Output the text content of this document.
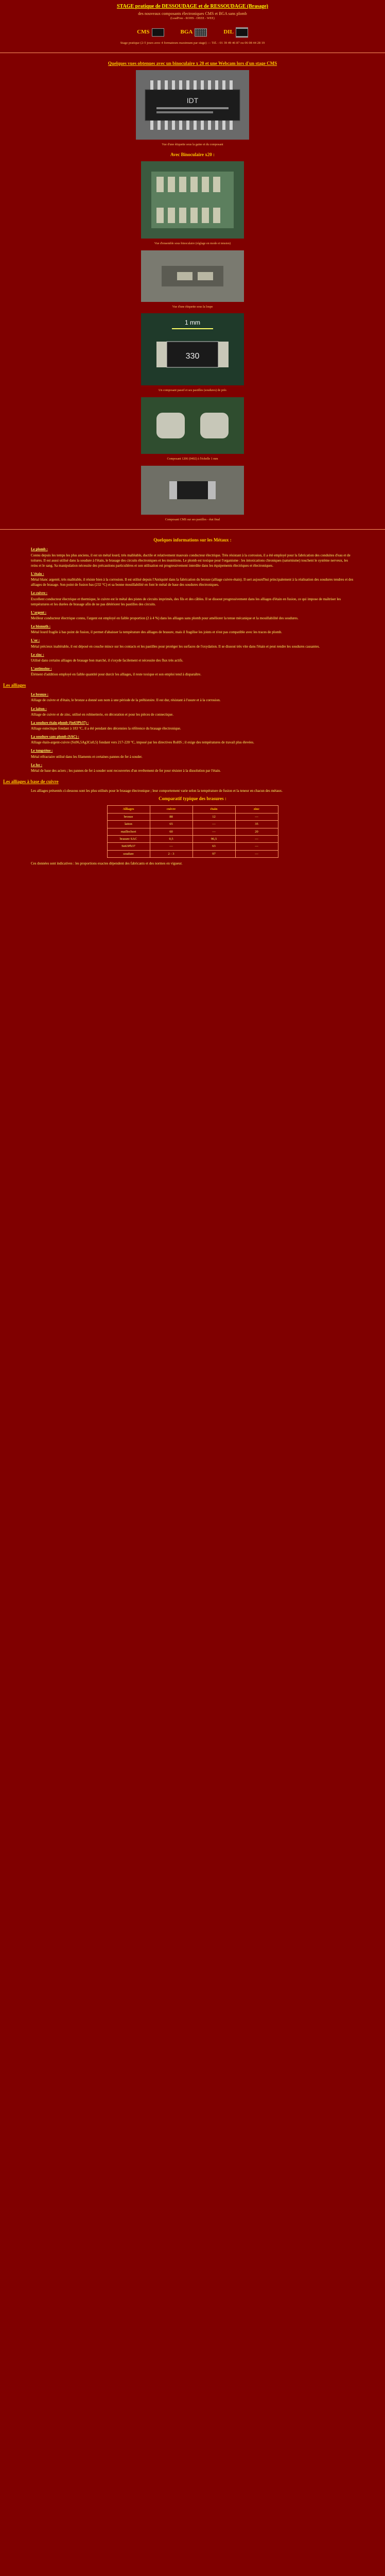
STAGE pratique de DESSOUDAGE et de RESSOUDAGE (Brasage)
des nouveaux composants électroniques CMS et BGA sans plomb
(LeadFree - ROHS - DEEE - WEE)
CMS	BGA	DIL
Stage pratique (2-5 jours avec 4 formateurs maximum par stage) — Tél. : 01 39 49 46 87 ou 06 08 44 28 19
Quelques vues obtenues avec un binoculaire x 20 et une Webcam lors d'un stage CMS
IDT
Vue d'une étiquette sous la gaine et du composant
Avec Binoculaire x20 :
Vue d'ensemble sous binoculaire (réglage en mode et tension)
Vue d'une étiquette sous la loupe
1 mm
330
Un composant passif et ses pastilles (soudures) de près
Composant 1206 (0402) à l'échelle 1 mm
Composant CMS sur ses pastilles - état final
Quelques informations sur les Métaux :
Le plomb :
Connu depuis les temps les plus anciens, il est un métal lourd, très malléable, ductile et relativement mauvais conducteur électrique. Très résistant à la corrosion, il a été employé pour la fabrication des conduites d'eau et de toitures. Il est aussi utilisé dans la soudure à l'étain, le brasage des circuits électroniques et les munitions. Le plomb est toxique pour l'organisme : les intoxications chroniques (saturnisme) touchent le système nerveux, les reins et le sang. Sa manipulation nécessite des précautions particulières et son utilisation est progressivement interdite dans les équipements électriques et électroniques.
L'étain :
Métal blanc argenté, très malléable, il résiste bien à la corrosion. Il est utilisé depuis l'Antiquité dans la fabrication du bronze (alliage cuivre-étain). Il sert aujourd'hui principalement à la réalisation des soudures tendres et des alliages de brasage. Son point de fusion bas (232 °C) et sa bonne mouillabilité en font le métal de base des soudures électroniques.
Le cuivre :
Excellent conducteur électrique et thermique, le cuivre est le métal des pistes de circuits imprimés, des fils et des câbles. Il se dissout progressivement dans les alliages d'étain en fusion, ce qui impose de maîtriser les températures et les durées de brasage afin de ne pas détériorer les pastilles des circuits.
L'argent :
Meilleur conducteur électrique connu, l'argent est employé en faible proportion (2 à 4 %) dans les alliages sans plomb pour améliorer la tenue mécanique et la mouillabilité des soudures.
Le bismuth :
Métal lourd fragile à bas point de fusion, il permet d'abaisser la température des alliages de brasure, mais il fragilise les joints et n'est pas compatible avec les traces de plomb.
L'or :
Métal précieux inaltérable, il est déposé en couche mince sur les contacts et les pastilles pour protéger les surfaces de l'oxydation. Il se dissout très vite dans l'étain et peut rendre les soudures cassantes.
Le zinc :
Utilisé dans certains alliages de brasage bon marché, il s'oxyde facilement et nécessite des flux très actifs.
L'antimoine :
Élément d'addition employé en faible quantité pour durcir les alliages, il reste toxique et son emploi tend à disparaître.
Les alliages
Le bronze :
Alliage de cuivre et d'étain, le bronze a donné son nom à une période de la préhistoire. Il est dur, résistant à l'usure et à la corrosion.
Le laiton :
Alliage de cuivre et de zinc, utilisé en robinetterie, en décoration et pour les pièces de connectique.
La soudure étain-plomb (Sn63Pb37) :
Alliage eutectique fondant à 183 °C, il a été pendant des décennies la référence du brasage électronique.
La soudure sans plomb (SAC) :
Alliage étain-argent-cuivre (Sn96,5Ag3Cu0,5) fondant vers 217-220 °C, imposé par les directives RoHS ; il exige des températures de travail plus élevées.
Le tungstène :
Métal réfractaire utilisé dans les filaments et certaines pannes de fer à souder.
Le fer :
Métal de base des aciers ; les pannes de fer à souder sont recouvertes d'un revêtement de fer pour résister à la dissolution par l'étain.
Les alliages à base de cuivre
Les alliages présentés ci-dessous sont les plus utilisés pour le brasage électronique ; leur comportement varie selon la température de fusion et la teneur en chacun des métaux.
Comparatif typique des brasures :
Alliages	cuivre	étain	zinc
bronze	88	12	—
laiton	65	—	35
maillechort	60	—	20
brasure SAC	0,5	96,5	—
Sn63Pb37	—	63	—
soudure	2 - 3	97	—
Ces données sont indicatives : les proportions exactes dépendent des fabricants et des normes en vigueur.
